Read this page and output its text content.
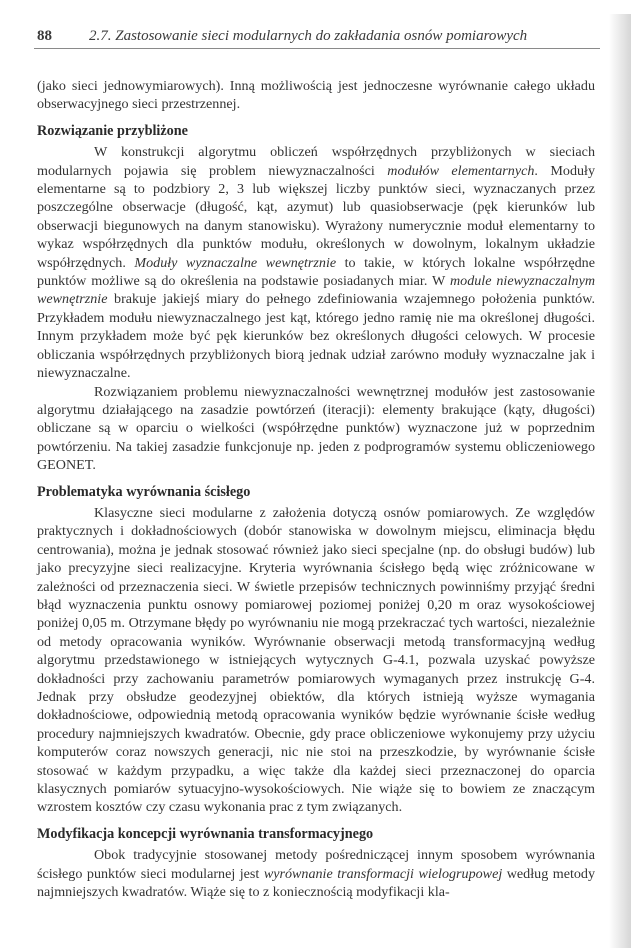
88	2.7. Zastosowanie sieci modularnych do zakładania osnów pomiarowych

(jako sieci jednowymiarowych). Inną możliwością jest jednoczesne wyrównanie całego układu obserwacyjnego sieci przestrzennej.

Rozwiązanie przybliżone

W konstrukcji algorytmu obliczeń współrzędnych przybliżonych w sieciach modularnych pojawia się problem niewyznaczalności modułów elementarnych. Moduły elementarne są to podzbiory 2, 3 lub większej liczby punktów sieci, wyznaczanych przez poszczególne obserwacje (długość, kąt, azymut) lub quasiobserwacje (pęk kierunków lub obserwacji biegunowych na danym stanowisku). Wyrażony numerycznie moduł elementarny to wykaz współrzędnych dla punktów modułu, określonych w dowolnym, lokalnym układzie współrzędnych. Moduły wyznaczalne wewnętrznie to takie, w których lokalne współrzędne punktów możliwe są do określenia na podstawie posiadanych miar. W module niewyznaczalnym wewnętrznie brakuje jakiejś miary do pełnego zdefiniowania wzajemnego położenia punktów. Przykładem modułu niewyznaczalnego jest kąt, którego jedno ramię nie ma określonej długości. Innym przykładem może być pęk kierunków bez określonych długości celowych. W procesie obliczania współrzędnych przybliżonych biorą jednak udział zarówno moduły wyznaczalne jak i niewyznaczalne.

Rozwiązaniem problemu niewyznaczalności wewnętrznej modułów jest zastosowanie algorytmu działającego na zasadzie powtórzeń (iteracji): elementy brakujące (kąty, długości) obliczane są w oparciu o wielkości (współrzędne punktów) wyznaczone już w poprzednim powtórzeniu. Na takiej zasadzie funkcjonuje np. jeden z podprogramów systemu obliczeniowego GEONET.

Problematyka wyrównania ścisłego

Klasyczne sieci modularne z założenia dotyczą osnów pomiarowych. Ze względów praktycznych i dokładnościowych (dobór stanowiska w dowolnym miejscu, eliminacja błędu centrowania), można je jednak stosować również jako sieci specjalne (np. do obsługi budów) lub jako precyzyjne sieci realizacyjne. Kryteria wyrównania ścisłego będą więc zróżnicowane w zależności od przeznaczenia sieci. W świetle przepisów technicznych powinniśmy przyjąć średni błąd wyznaczenia punktu osnowy pomiarowej poziomej poniżej 0,20 m oraz wysokościowej poniżej 0,05 m. Otrzymane błędy po wyrównaniu nie mogą przekraczać tych wartości, niezależnie od metody opracowania wyników. Wyrównanie obserwacji metodą transformacyjną według algorytmu przedstawionego w istniejących wytycznych G-4.1, pozwala uzyskać powyższe dokładności przy zachowaniu parametrów pomiarowych wymaganych przez instrukcję G-4. Jednak przy obsłudze geodezyjnej obiektów, dla których istnieją wyższe wymagania dokładnościowe, odpowiednią metodą opracowania wyników będzie wyrównanie ścisłe według procedury najmniejszych kwadratów. Obecnie, gdy prace obliczeniowe wykonujemy przy użyciu komputerów coraz nowszych generacji, nic nie stoi na przeszkodzie, by wyrównanie ścisłe stosować w każdym przypadku, a więc także dla każdej sieci przeznaczonej do oparcia klasycznych pomiarów sytuacyjno-wysokościowych. Nie wiąże się to bowiem ze znaczącym wzrostem kosztów czy czasu wykonania prac z tym związanych.

Modyfikacja koncepcji wyrównania transformacyjnego

Obok tradycyjnie stosowanej metody pośredniczącej innym sposobem wyrównania ścisłego punktów sieci modularnej jest wyrównanie transformacji wielogrupowej według metody najmniejszych kwadratów. Wiąże się to z koniecznością modyfikacji kla-
